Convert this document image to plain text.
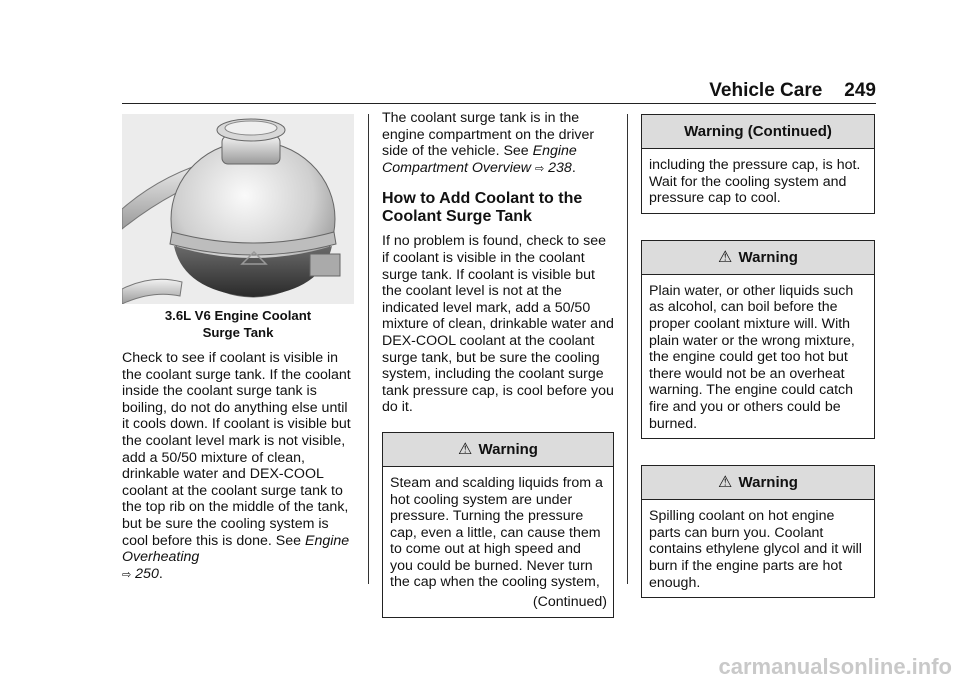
Vehicle Care 249

3.6L V6 Engine Coolant
Surge Tank

Check to see if coolant is visible in the coolant surge tank. If the coolant inside the coolant surge tank is boiling, do not do anything else until it cools down. If coolant is visible but the coolant level mark is not visible, add a 50/50 mixture of clean, drinkable water and DEX-COOL coolant at the coolant surge tank to the top rib on the middle of the tank, but be sure the cooling system is cool before this is done. See Engine Overheating
⇨ 250.

The coolant surge tank is in the engine compartment on the driver side of the vehicle. See Engine Compartment Overview ⇨ 238.

How to Add Coolant to the Coolant Surge Tank

If no problem is found, check to see if coolant is visible in the coolant surge tank. If coolant is visible but the coolant level is not at the indicated level mark, add a 50/50 mixture of clean, drinkable water and DEX-COOL coolant at the coolant surge tank, but be sure the cooling system, including the coolant surge tank pressure cap, is cool before you do it.

⚠ Warning

Steam and scalding liquids from a hot cooling system are under pressure. Turning the pressure cap, even a little, can cause them to come out at high speed and you could be burned. Never turn the cap when the cooling system,

(Continued)

Warning (Continued)
including the pressure cap, is hot. Wait for the cooling system and pressure cap to cool.
⚠ Warning
Plain water, or other liquids such as alcohol, can boil before the proper coolant mixture will. With plain water or the wrong mixture, the engine could get too hot but there would not be an overheat warning. The engine could catch fire and you or others could be burned.
⚠ Warning
Spilling coolant on hot engine parts can burn you. Coolant contains ethylene glycol and it will burn if the engine parts are hot enough.
carmanualsonline.info
